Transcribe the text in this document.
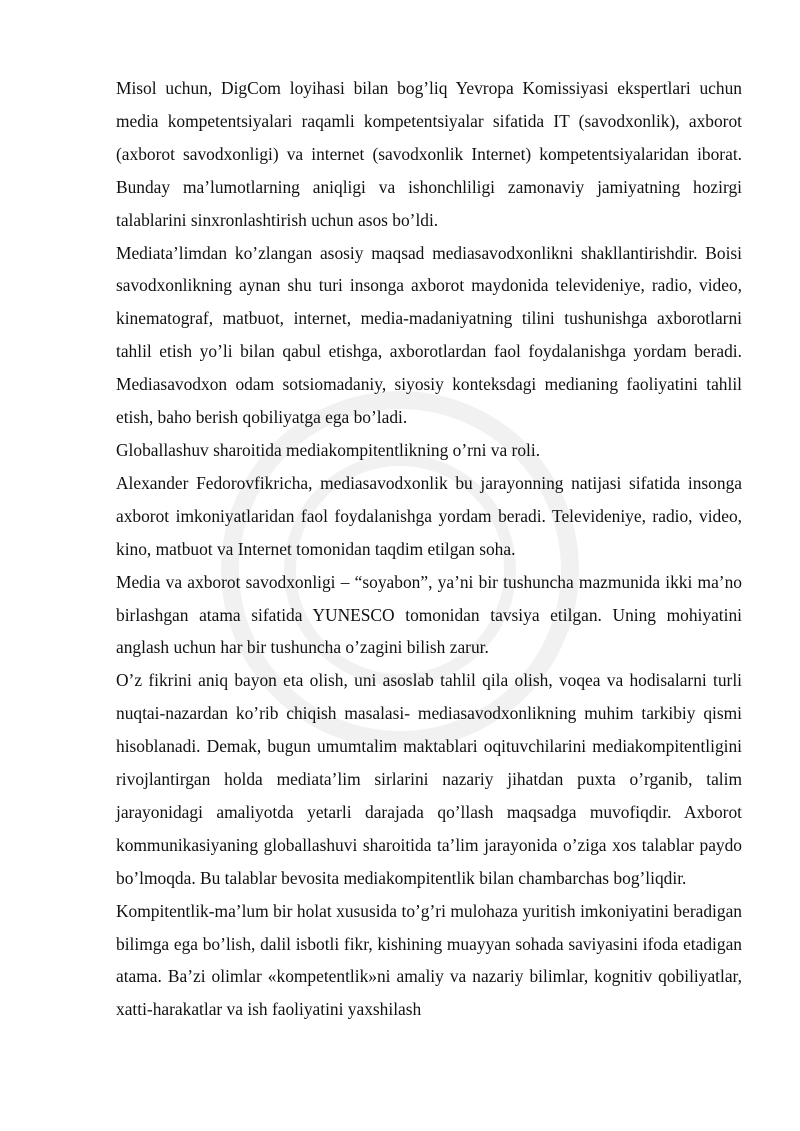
Misol uchun, DigCom loyihasi bilan bog’liq Yevropa Komissiyasi ekspertlari uchun media kompetentsiyalari raqamli kompetentsiyalar sifatida IT (savodxonlik), axborot (axborot savodxonligi) va internet (savodxonlik Internet) kompetentsiyalaridan iborat. Bunday ma’lumotlarning aniqligi va ishonchliligi zamonaviy jamiyatning hozirgi talablarini sinxronlashtirish uchun asos bo’ldi.

Mediata’limdan ko’zlangan asosiy maqsad mediasavodxonlikni shakllantirishdir. Boisi savodxonlikning aynan shu turi insonga axborot maydonida televideniye, radio, video, kinematograf, matbuot, internet, media-madaniyatning tilini tushunishga axborotlarni tahlil etish yo’li bilan qabul etishga, axborotlardan faol foydalanishga yordam beradi. Mediasavodxon odam sotsiomadaniy, siyosiy konteksdagi medianing faoliyatini tahlil etish, baho berish qobiliyatga ega bo’ladi.

Globallashuv sharoitida mediakompitentlikning o’rni va roli.

Alexander Fedorovfikricha, mediasavodxonlik bu jarayonning natijasi sifatida insonga axborot imkoniyatlaridan faol foydalanishga yordam beradi. Televideniye, radio, video, kino, matbuot va Internet tomonidan taqdim etilgan soha.

Media va axborot savodxonligi – “soyabon”, ya’ni bir tushuncha mazmunida ikki ma’no birlashgan atama sifatida YUNESCO tomonidan tavsiya etilgan. Uning mohiyatini anglash uchun har bir tushuncha o’zagini bilish zarur.

O’z fikrini aniq bayon eta olish, uni asoslab tahlil qila olish, voqea va hodisalarni turli nuqtai-nazardan ko’rib chiqish masalasi- mediasavodxonlikning muhim tarkibiy qismi hisoblanadi. Demak, bugun umumtalim maktablari oqituvchilarini mediakompitentligini rivojlantirgan holda mediata’lim sirlarini nazariy jihatdan puxta o’rganib, talim jarayonidagi amaliyotda yetarli darajada qo’llash maqsadga muvofiqdir. Axborot kommunikasiyaning globallashuvi sharoitida ta’lim jarayonida o’ziga xos talablar paydo bo’lmoqda. Bu talablar bevosita mediakompitentlik bilan chambarchas bog’liqdir.

Kompitentlik-ma’lum bir holat xususida to’g’ri mulohaza yuritish imkoniyatini beradigan bilimga ega bo’lish, dalil isbotli fikr, kishining muayyan sohada saviyasini ifoda etadigan atama. Ba’zi olimlar «kompetentlik»ni amaliy va nazariy bilimlar, kognitiv qobiliyatlar, xatti-harakatlar va ish faoliyatini yaxshilash
